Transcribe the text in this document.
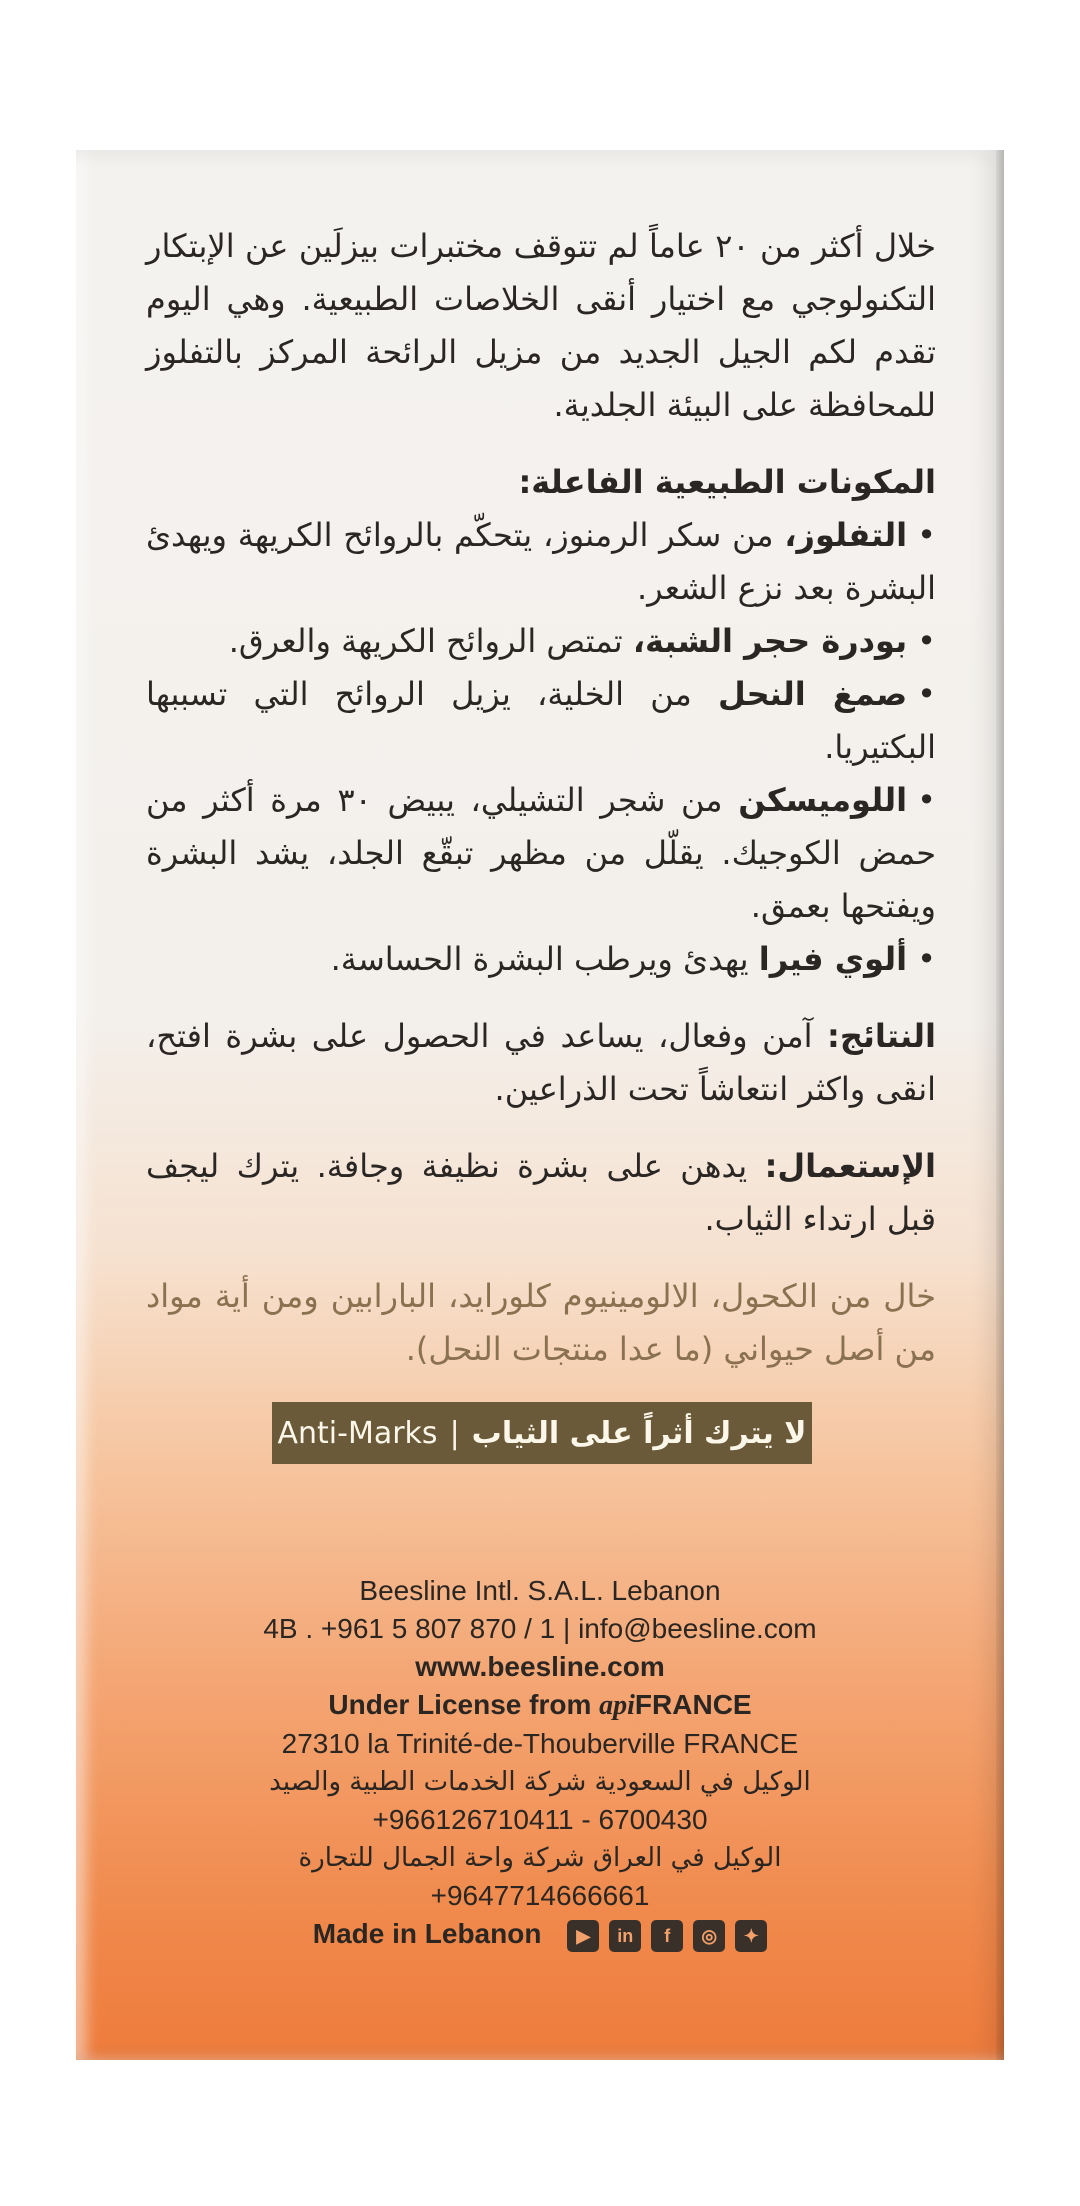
خلال أكثر من ٢٠ عاماً لم تتوقف مختبرات بيزلَين عن الإبتكار التكنولوجي مع اختيار أنقى الخلاصات الطبيعية. وهي اليوم تقدم لكم الجيل الجديد من مزيل الرائحة المركز بالتفلوز للمحافظة على البيئة الجلدية.

المكونات الطبيعية الفاعلة:

•التفلوز، من سكر الرمنوز، يتحكّم بالروائح الكريهة ويهدئ البشرة بعد نزع الشعر.
•بودرة حجر الشبة، تمتص الروائح الكريهة والعرق.
•صمغ النحل من الخلية، يزيل الروائح التي تسببها البكتيريا.
•اللوميسكن من شجر التشيلي، يبيض ٣٠ مرة أكثر من حمض الكوجيك. يقلّل من مظهر تبقّع الجلد، يشد البشرة ويفتحها بعمق.
•ألوي فيرا يهدئ ويرطب البشرة الحساسة.

النتائج: آمن وفعال، يساعد في الحصول على بشرة افتح، انقى واكثر انتعاشاً تحت الذراعين.

الإستعمال: يدهن على بشرة نظيفة وجافة. يترك ليجف قبل ارتداء الثياب.

خال من الكحول، الالومينيوم كلورايد، البارابين ومن أية مواد من أصل حيواني (ما عدا منتجات النحل).

Anti-Marks | لا يترك أثراً على الثياب
Beesline Intl. S.A.L. Lebanon
4B . +961 5 807 870 / 1 | info@beesline.com
www.beesline.com
Under License from apiFRANCE
27310 la Trinité-de-Thouberville FRANCE
الوكيل في السعودية شركة الخدمات الطبية والصيد
+966126710411 - 6700430
الوكيل في العراق شركة واحة الجمال للتجارة
+9647714666661
Made in Lebanon	▶	in	f	◎	✦
